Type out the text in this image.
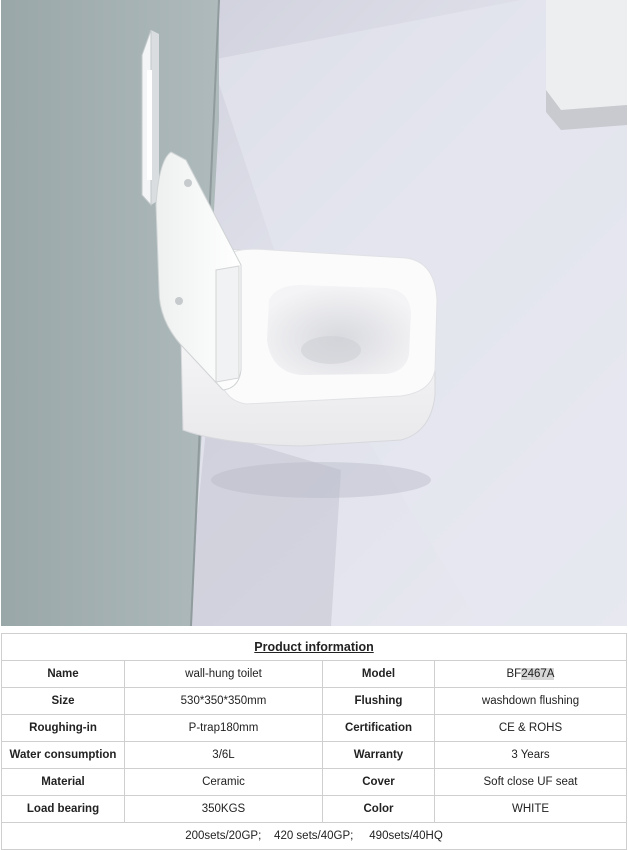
Product information			
Name	wall-hung toilet	Model	BF2467A
Size	530*350*350mm	Flushing	washdown flushing
Roughing-in	P-trap180mm	Certification	CE & ROHS
Water consumption	3/6L	Warranty	3 Years
Material	Ceramic	Cover	Soft close UF seat
Load bearing	350KGS	Color	WHITE
200sets/20GP;    420 sets/40GP;     490sets/40HQ			
